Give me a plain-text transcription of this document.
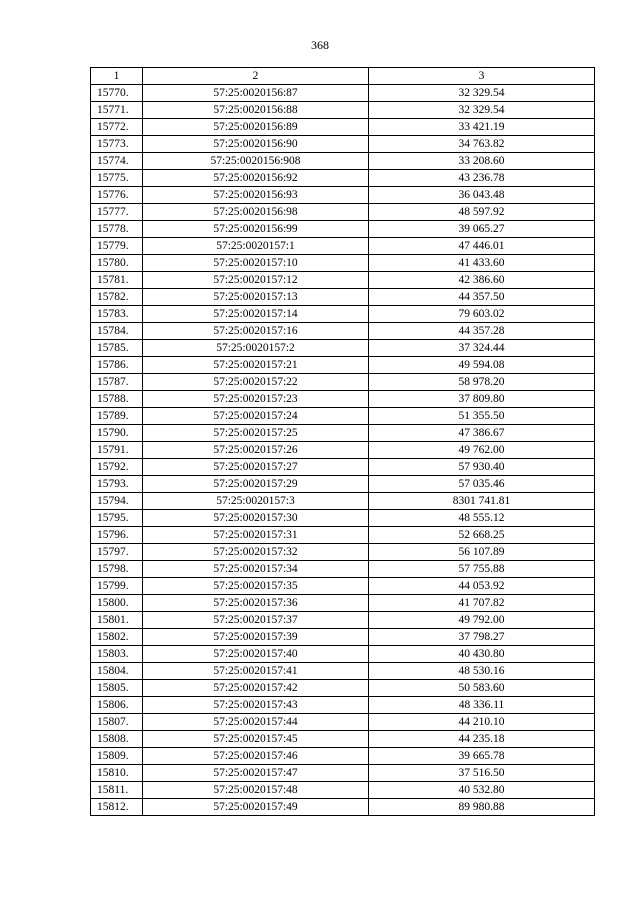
368
1	2	3
15770.	57:25:0020156:87	32 329.54
15771.	57:25:0020156:88	32 329.54
15772.	57:25:0020156:89	33 421.19
15773.	57:25:0020156:90	34 763.82
15774.	57:25:0020156:908	33 208.60
15775.	57:25:0020156:92	43 236.78
15776.	57:25:0020156:93	36 043.48
15777.	57:25:0020156:98	48 597.92
15778.	57:25:0020156:99	39 065.27
15779.	57:25:0020157:1	47 446.01
15780.	57:25:0020157:10	41 433.60
15781.	57:25:0020157:12	42 386.60
15782.	57:25:0020157:13	44 357.50
15783.	57:25:0020157:14	79 603.02
15784.	57:25:0020157:16	44 357.28
15785.	57:25:0020157:2	37 324.44
15786.	57:25:0020157:21	49 594.08
15787.	57:25:0020157:22	58 978.20
15788.	57:25:0020157:23	37 809.80
15789.	57:25:0020157:24	51 355.50
15790.	57:25:0020157:25	47 386.67
15791.	57:25:0020157:26	49 762.00
15792.	57:25:0020157:27	57 930.40
15793.	57:25:0020157:29	57 035.46
15794.	57:25:0020157:3	8301 741.81
15795.	57:25:0020157:30	48 555.12
15796.	57:25:0020157:31	52 668.25
15797.	57:25:0020157:32	56 107.89
15798.	57:25:0020157:34	57 755.88
15799.	57:25:0020157:35	44 053.92
15800.	57:25:0020157:36	41 707.82
15801.	57:25:0020157:37	49 792.00
15802.	57:25:0020157:39	37 798.27
15803.	57:25:0020157:40	40 430.80
15804.	57:25:0020157:41	48 530.16
15805.	57:25:0020157:42	50 583.60
15806.	57:25:0020157:43	48 336.11
15807.	57:25:0020157:44	44 210.10
15808.	57:25:0020157:45	44 235.18
15809.	57:25:0020157:46	39 665.78
15810.	57:25:0020157:47	37 516.50
15811.	57:25:0020157:48	40 532.80
15812.	57:25:0020157:49	89 980.88
